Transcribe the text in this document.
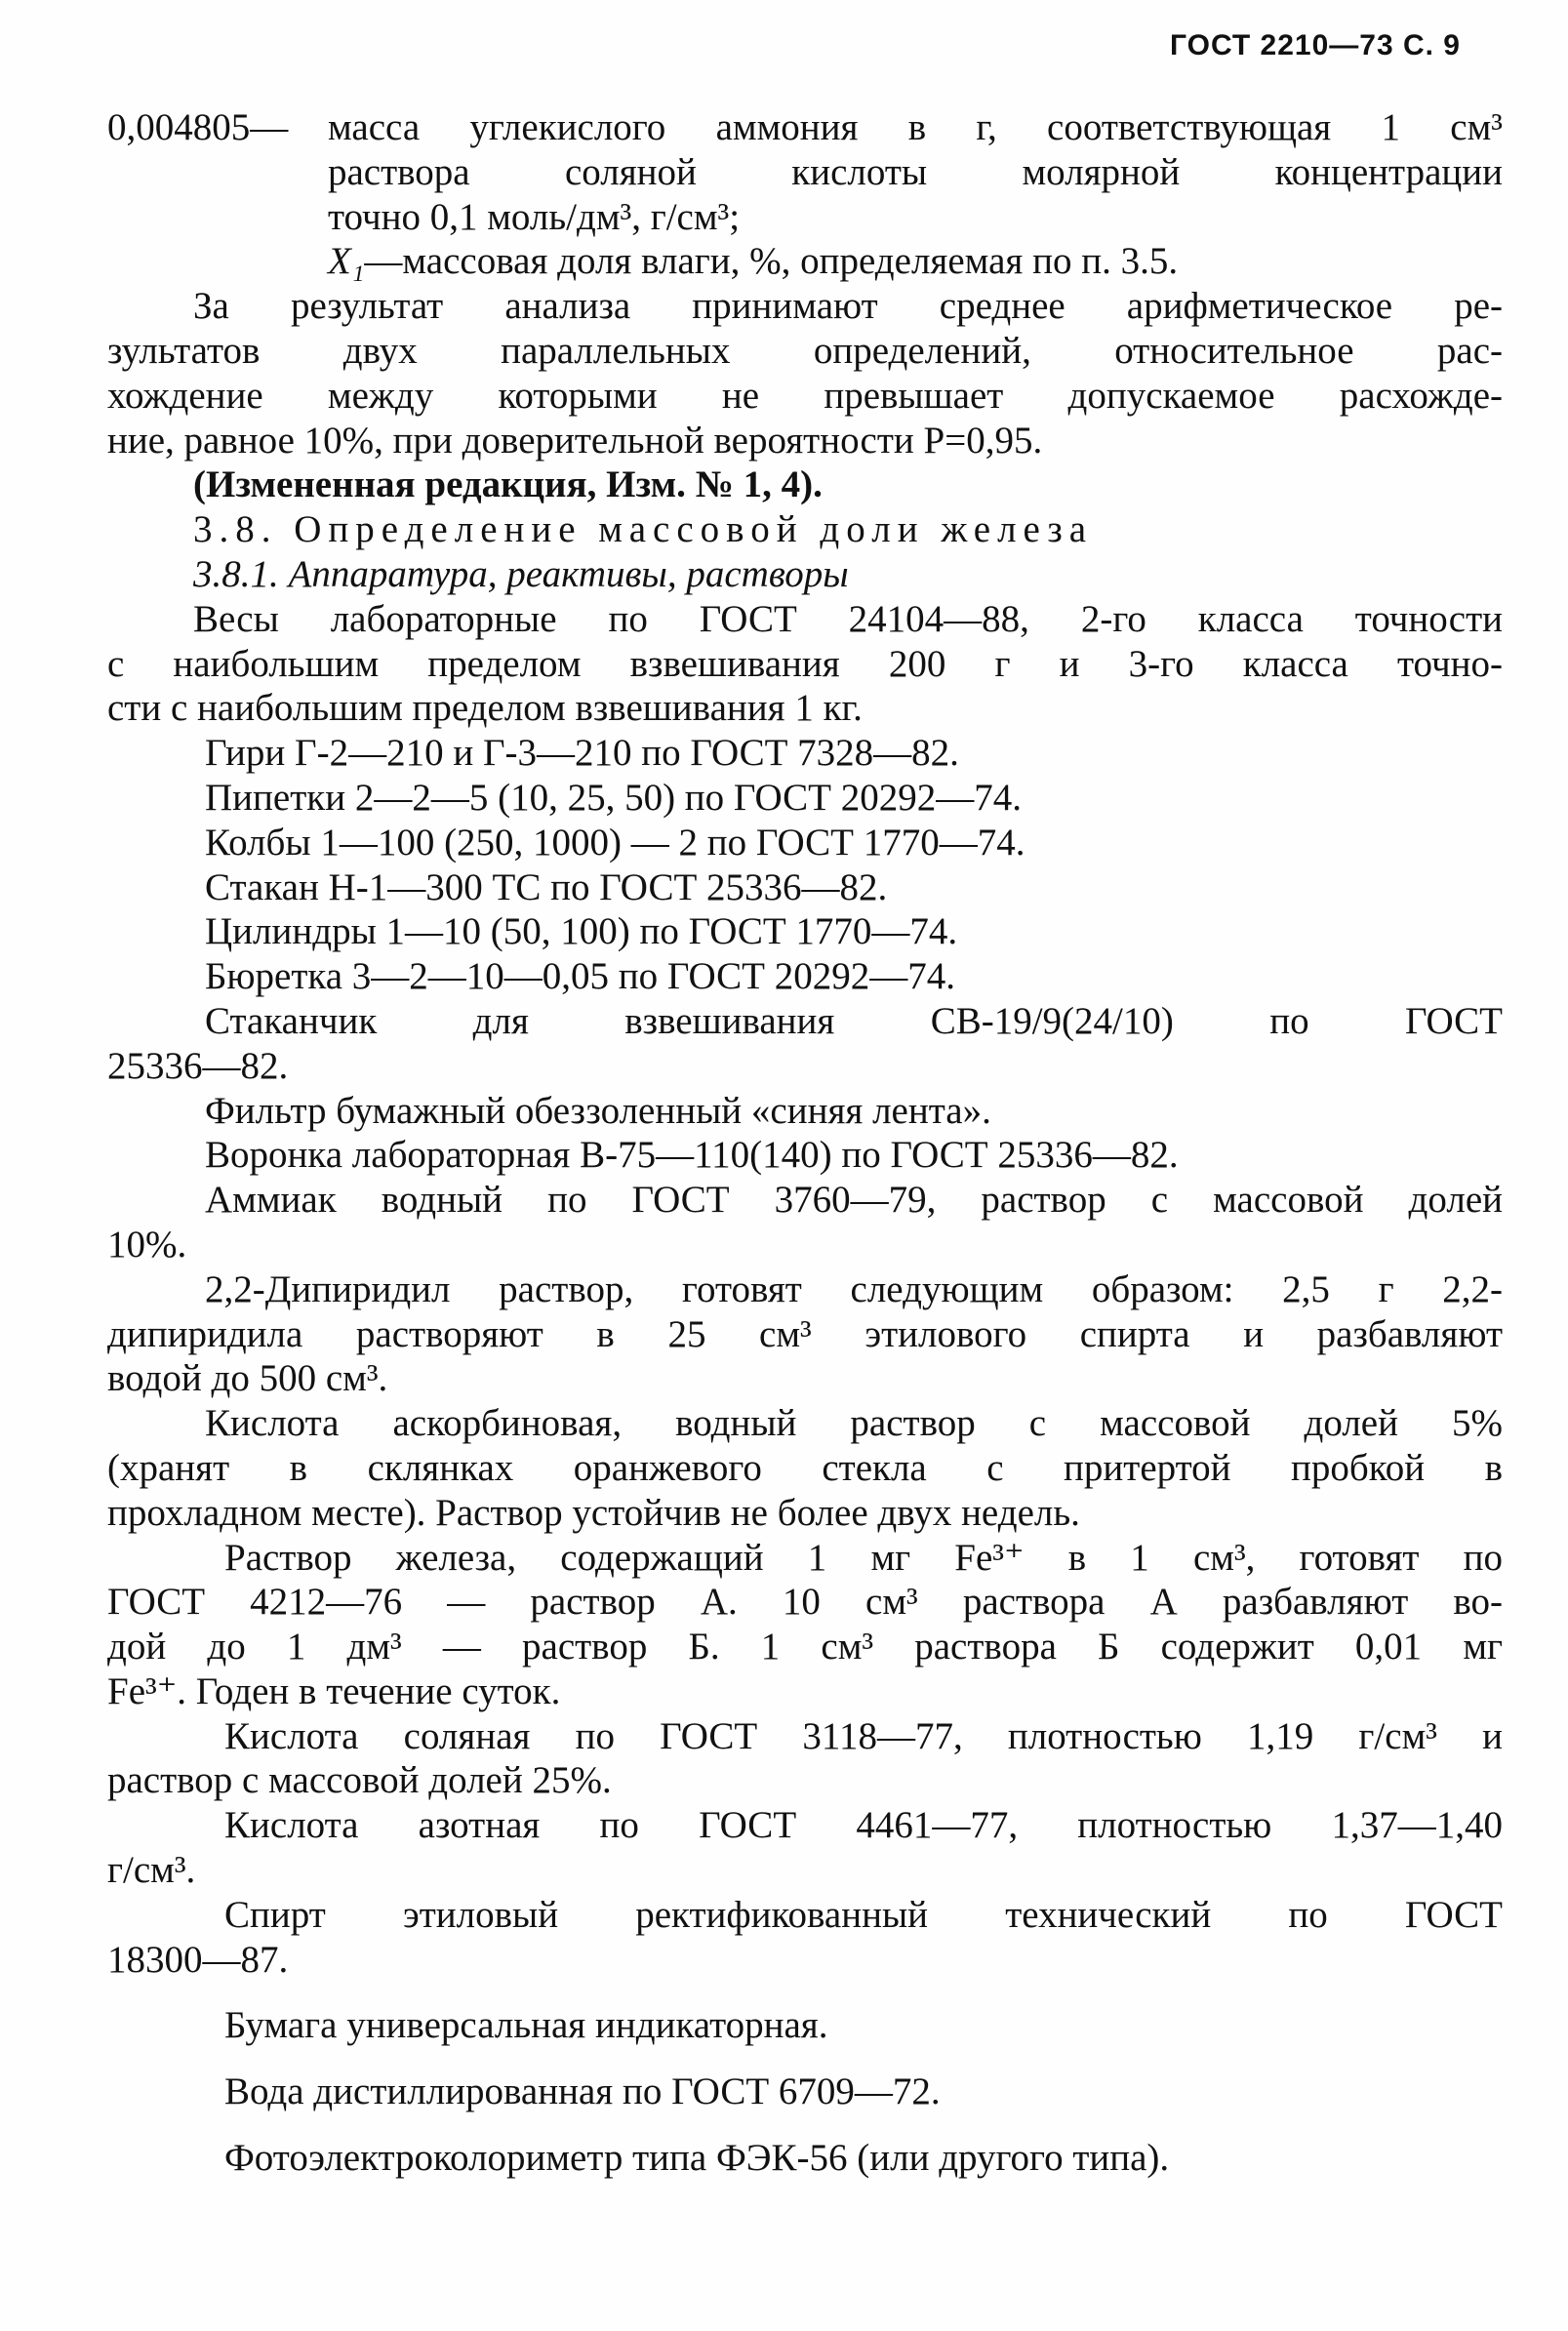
ГОСТ 2210—73 С. 9
0,004805—	масса углекислого аммония в г, соответствующая 1 см³
раствора соляной кислоты молярной концентрации
точно 0,1 моль/дм³, г/см³;
X₁—массовая доля влаги, %, определяемая по п. 3.5.
За результат анализа принимают среднее арифметическое ре-
зультатов двух параллельных определений, относительное рас-
хождение между которыми не превышает допускаемое расхожде-
ние, равное 10%, при доверительной вероятности P=0,95.
(Измененная редакция, Изм. № 1, 4).
3.8. Определение массовой доли железа
3.8.1. Аппаратура, реактивы, растворы
Весы лабораторные по ГОСТ 24104—88, 2-го класса точности
с наибольшим пределом взвешивания 200 г и 3-го класса точно-
сти с наибольшим пределом взвешивания 1 кг.
Гири Г-2—210 и Г-3—210 по ГОСТ 7328—82.
Пипетки 2—2—5 (10, 25, 50) по ГОСТ 20292—74.
Колбы 1—100 (250, 1000) — 2 по ГОСТ 1770—74.
Стакан Н-1—300 ТС по ГОСТ 25336—82.
Цилиндры 1—10 (50, 100) по ГОСТ 1770—74.
Бюретка 3—2—10—0,05 по ГОСТ 20292—74.
Стаканчик для взвешивания СВ-19/9(24/10) по ГОСТ
25336—82.
Фильтр бумажный обеззоленный «синяя лента».
Воронка лабораторная В-75—110(140) по ГОСТ 25336—82.
Аммиак водный по ГОСТ 3760—79, раствор с массовой долей
10%.
2,2-Дипиридил раствор, готовят следующим образом: 2,5 г 2,2-
дипиридила растворяют в 25 см³ этилового спирта и разбавляют
водой до 500 см³.
Кислота аскорбиновая, водный раствор с массовой долей 5%
(хранят в склянках оранжевого стекла с притертой пробкой в
прохладном месте). Раствор устойчив не более двух недель.
Раствор железа, содержащий 1 мг Fe³⁺ в 1 см³, готовят по
ГОСТ 4212—76 — раствор А. 10 см³ раствора А разбавляют во-
дой до 1 дм³ — раствор Б. 1 см³ раствора Б содержит 0,01 мг
Fe³⁺. Годен в течение суток.
Кислота соляная по ГОСТ 3118—77, плотностью 1,19 г/см³ и
раствор с массовой долей 25%.
Кислота азотная по ГОСТ 4461—77, плотностью 1,37—1,40
г/см³.
Спирт этиловый ректификованный технический по ГОСТ
18300—87.
Бумага универсальная индикаторная.
Вода дистиллированная по ГОСТ 6709—72.
Фотоэлектроколориметр типа ФЭК-56 (или другого типа).
